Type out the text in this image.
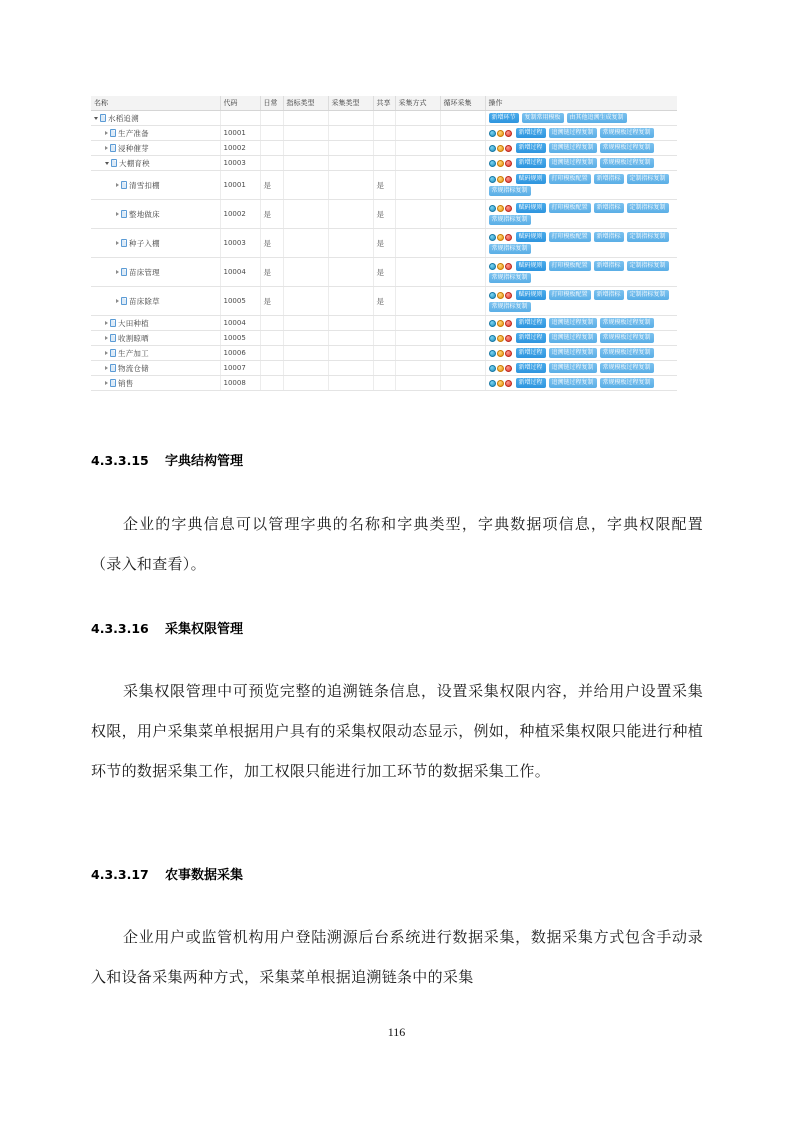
名称	代码	日常	指标类型	采集类型	共享	采集方式	循环采集	操作

水稻追溯								新增环节 复制常用模板 由其他追溯生成复制

生产准备	10001							新增过程 追溯链过程复制 常规模板过程复制

浸种催芽	10002							新增过程 追溯链过程复制 常规模板过程复制

大棚育秧	10003							新增过程 追溯链过程复制 常规模板过程复制

清雪扣棚	10001	是			是			赋码规则 打印模板配置 新增指标 定制指标复制
常规指标复制

整地做床	10002	是			是			赋码规则 打印模板配置 新增指标 定制指标复制
常规指标复制

种子入棚	10003	是			是			赋码规则 打印模板配置 新增指标 定制指标复制
常规指标复制

苗床管理	10004	是			是			赋码规则 打印模板配置 新增指标 定制指标复制
常规指标复制

苗床除草	10005	是			是			赋码规则 打印模板配置 新增指标 定制指标复制
常规指标复制

大田种植	10004							新增过程 追溯链过程复制 常规模板过程复制

收割晾晒	10005							新增过程 追溯链过程复制 常规模板过程复制

生产加工	10006							新增过程 追溯链过程复制 常规模板过程复制

物流仓储	10007							新增过程 追溯链过程复制 常规模板过程复制

销售	10008							新增过程 追溯链过程复制 常规模板过程复制
4.3.3.15 字典结构管理
企业的字典信息可以管理字典的名称和字典类型，字典数据项信息，字典权限配置（录入和查看）。
4.3.3.16 采集权限管理
采集权限管理中可预览完整的追溯链条信息，设置采集权限内容，并给用户设置采集权限，用户采集菜单根据用户具有的采集权限动态显示，例如，种植采集权限只能进行种植环节的数据采集工作，加工权限只能进行加工环节的数据采集工作。
4.3.3.17 农事数据采集
企业用户或监管机构用户登陆溯源后台系统进行数据采集，数据采集方式包含手动录入和设备采集两种方式，采集菜单根据追溯链条中的采集
116
